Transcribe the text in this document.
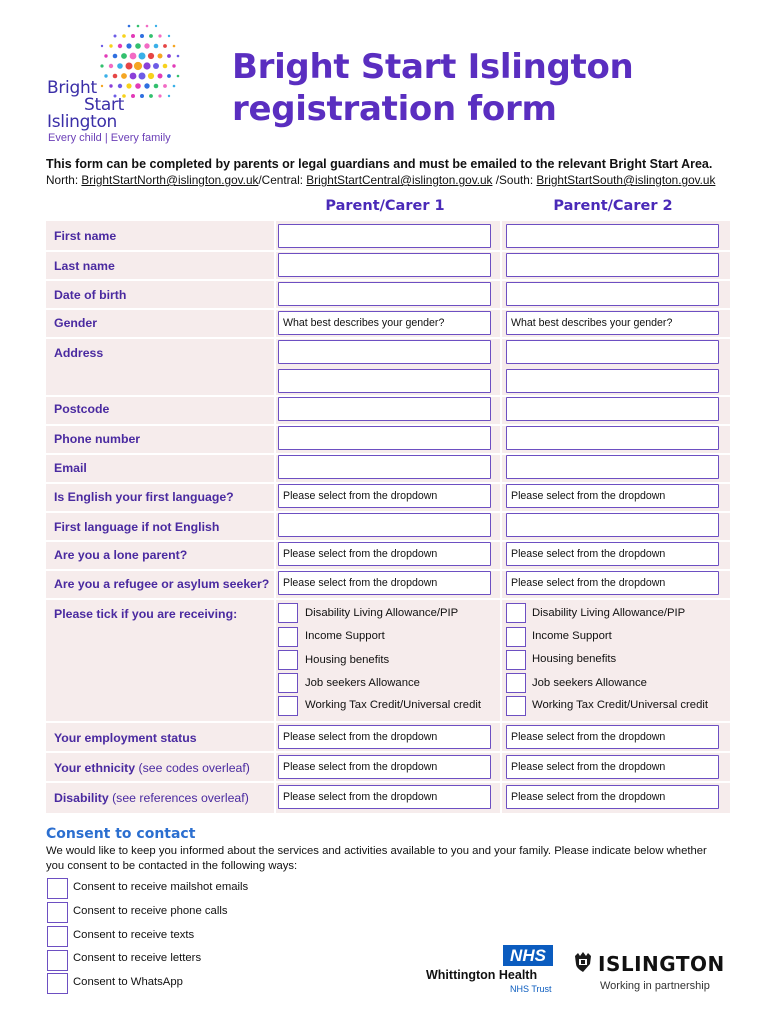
Bright
Start
Islington
Every child | Every family
Bright Start Islington
registration form
This form can be completed by parents or legal guardians and must be emailed to the relevant Bright Start Area.
North: BrightStartNorth@islington.gov.uk/Central: BrightStartCentral@islington.gov.uk /South: BrightStartSouth@islington.gov.uk
Parent/Carer 1	Parent/Carer 2
First name
Last name
Date of birth
Gender
Address
Postcode
Phone number
Email
Is English your first language?
First language if not English
Are you a lone parent?
Are you a refugee or asylum seeker?
Please tick if you are receiving:
Your employment status
Your ethnicity (see codes overleaf)
Disability (see references overleaf)
What best describes your gender?
Please select from the dropdown
Please select from the dropdown
Please select from the dropdown
Please select from the dropdown
Please select from the dropdown
Please select from the dropdown
What best describes your gender?
Please select from the dropdown
Please select from the dropdown
Please select from the dropdown
Please select from the dropdown
Please select from the dropdown
Please select from the dropdown
Disability Living Allowance/PIP
Income Support
Housing benefits
Job seekers Allowance
Working Tax Credit/Universal credit
Disability Living Allowance/PIP
Income Support
Housing benefits
Job seekers Allowance
Working Tax Credit/Universal credit
Consent to contact
We would like to keep you informed about the services and activities available to you and your family. Please indicate below whether you consent to be contacted in the following ways:
Consent to receive mailshot emails
Consent to receive phone calls
Consent to receive texts
Consent to receive letters
Consent to WhatsApp
NHS
Whittington Health
NHS Trust
ISLINGTON
Working in partnership
